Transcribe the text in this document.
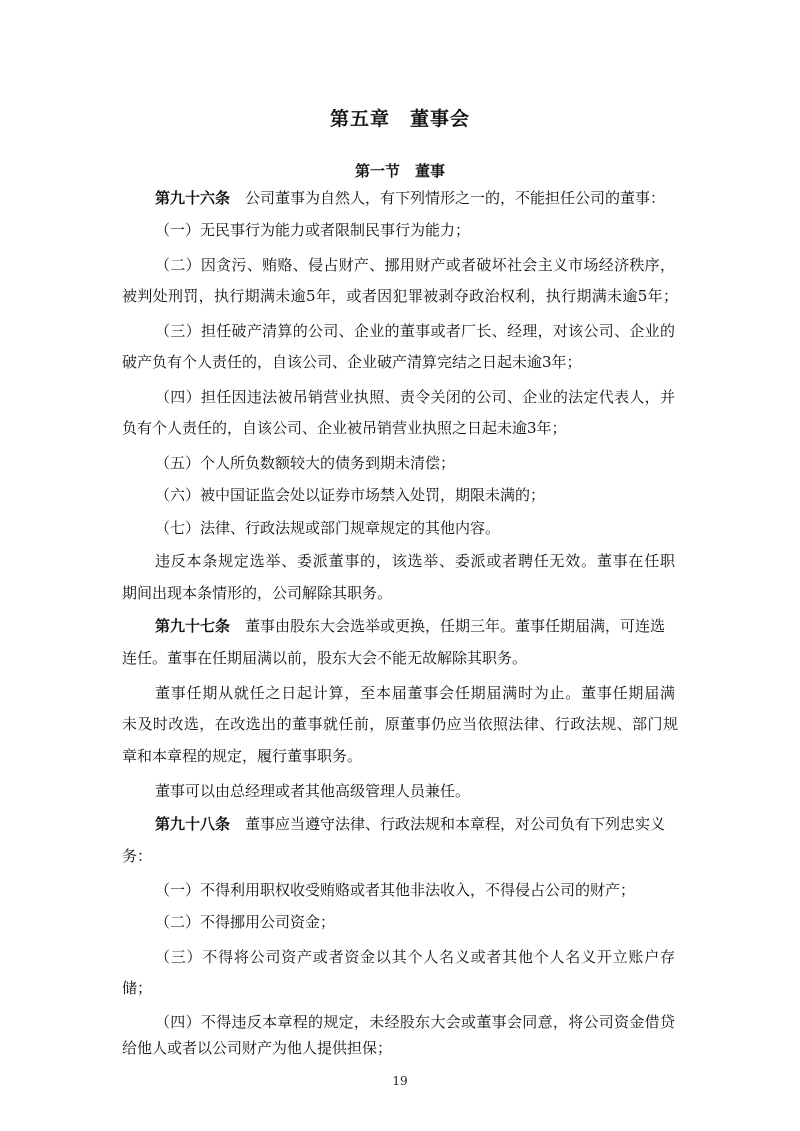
第五章　董事会
第一节　董事
第九十六条　 公司董事为自然人，有下列情形之一的，不能担任公司的董事：
（一）无民事行为能力或者限制民事行为能力；
（二）因贪污、贿赂、侵占财产、挪用财产或者破坏社会主义市场经济秩序，
被判处刑罚，执行期满未逾5年，或者因犯罪被剥夺政治权利，执行期满未逾5年；
（三）担任破产清算的公司、企业的董事或者厂长、经理，对该公司、企业的
破产负有个人责任的，自该公司、企业破产清算完结之日起未逾3年；
（四）担任因违法被吊销营业执照、责令关闭的公司、企业的法定代表人，并
负有个人责任的，自该公司、企业被吊销营业执照之日起未逾3年；
（五）个人所负数额较大的债务到期未清偿；
（六）被中国证监会处以证券市场禁入处罚，期限未满的；
（七）法律、行政法规或部门规章规定的其他内容。
违反本条规定选举、委派董事的，该选举、委派或者聘任无效。董事在任职
期间出现本条情形的，公司解除其职务。
第九十七条　 董事由股东大会选举或更换，任期三年。董事任期届满，可连选
连任。董事在任期届满以前，股东大会不能无故解除其职务。
董事任期从就任之日起计算，至本届董事会任期届满时为止。董事任期届满
未及时改选，在改选出的董事就任前，原董事仍应当依照法律、行政法规、部门规
章和本章程的规定，履行董事职务。
董事可以由总经理或者其他高级管理人员兼任。
第九十八条　 董事应当遵守法律、行政法规和本章程，对公司负有下列忠实义
务：
（一）不得利用职权收受贿赂或者其他非法收入，不得侵占公司的财产；
（二）不得挪用公司资金；
（三）不得将公司资产或者资金以其个人名义或者其他个人名义开立账户存
储；
（四）不得违反本章程的规定，未经股东大会或董事会同意，将公司资金借贷
给他人或者以公司财产为他人提供担保；
19
